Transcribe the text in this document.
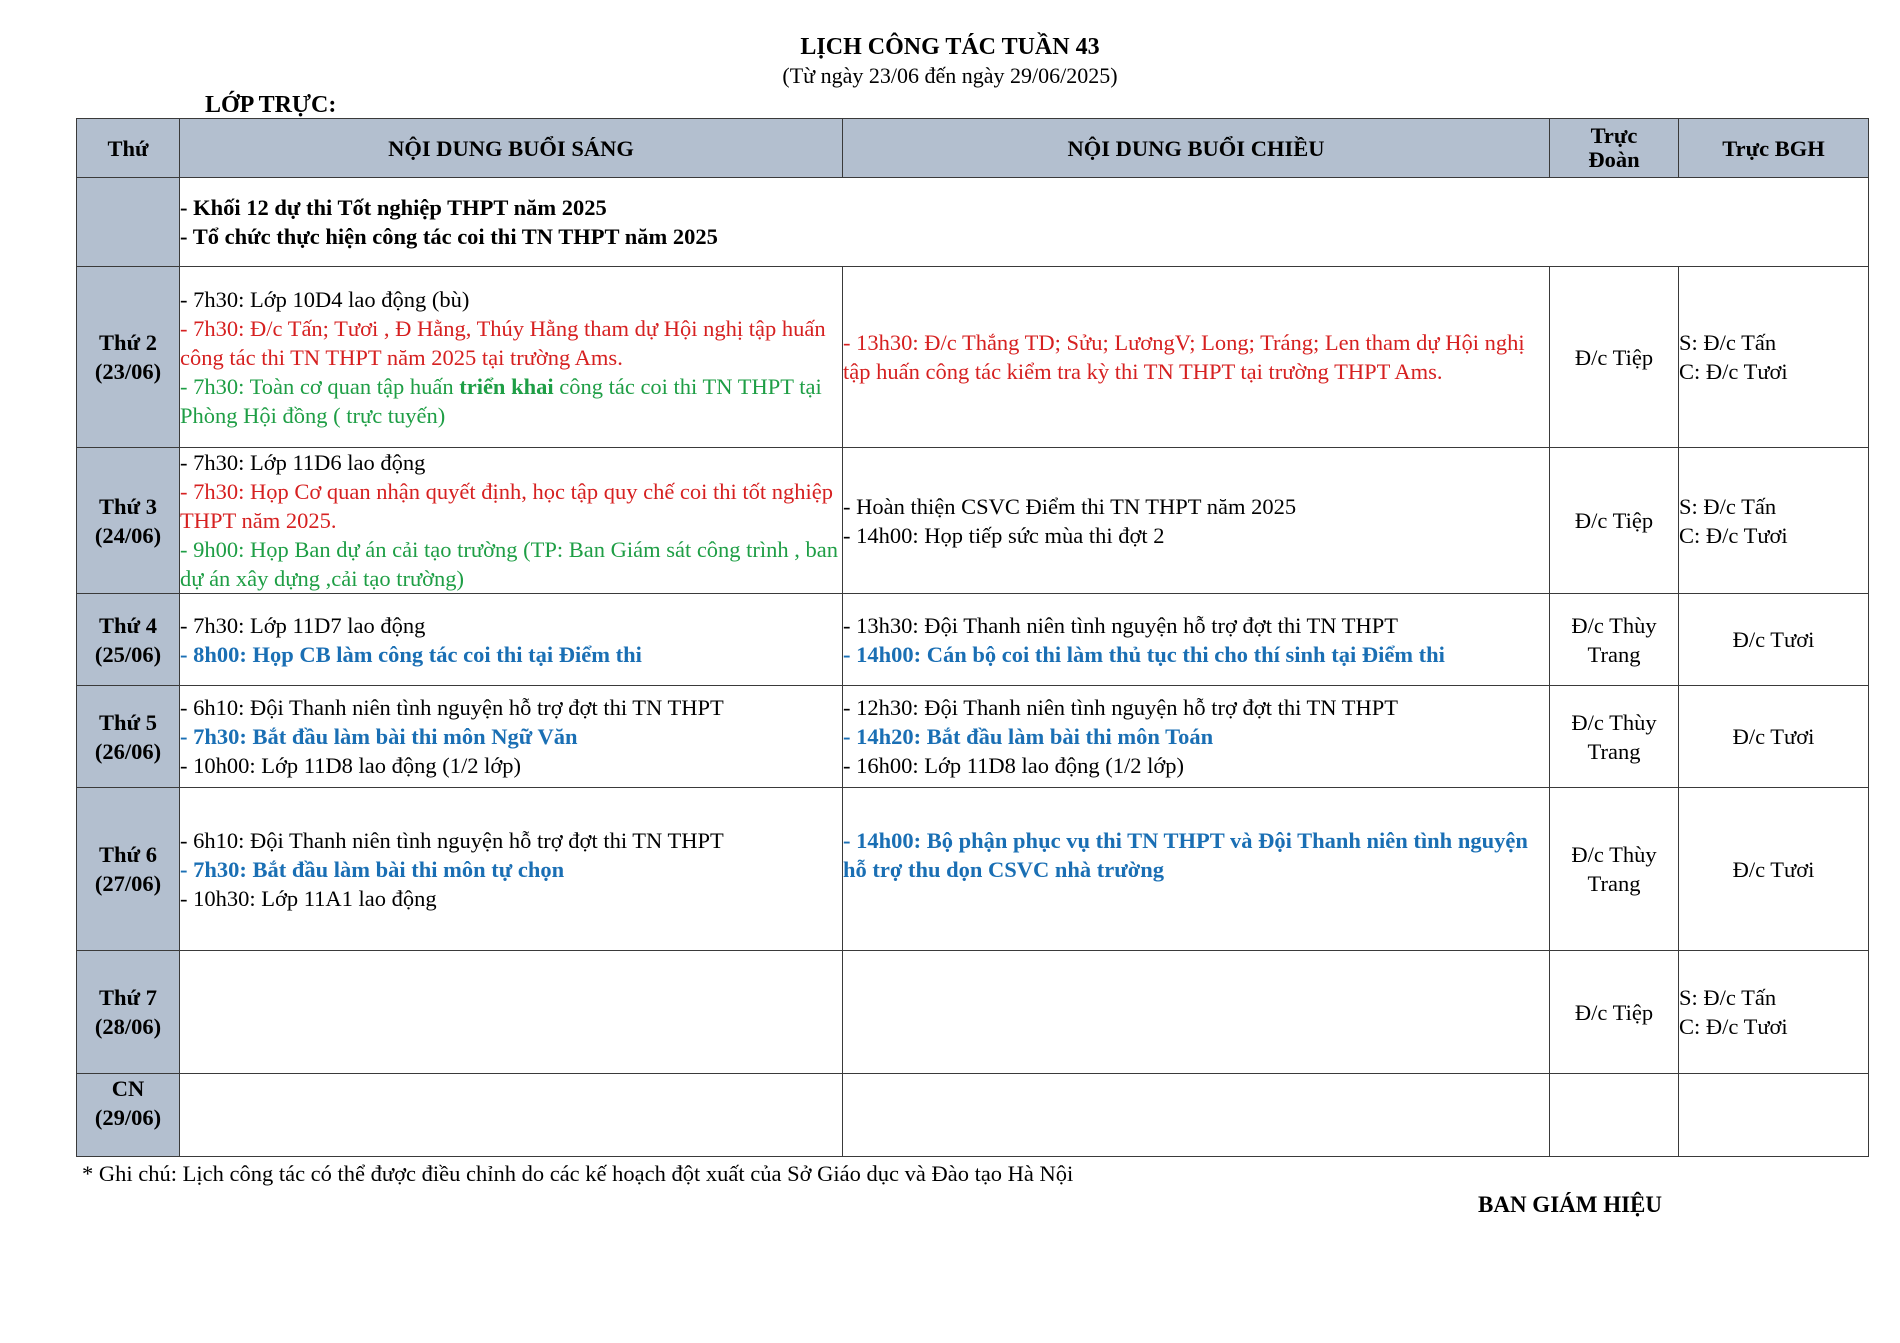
LỊCH CÔNG TÁC TUẦN 43
(Từ ngày 23/06 đến ngày 29/06/2025)
LỚP TRỰC:
Thứ	NỘI DUNG BUỔI SÁNG	NỘI DUNG BUỔI CHIỀU	Trực
Đoàn	Trực BGH

	- Khối 12 dự thi Tốt nghiệp THPT năm 2025
- Tổ chức thực hiện công tác coi thi TN THPT năm 2025			

Thứ 2
(23/06)	- 7h30: Lớp 10D4 lao động (bù)
- 7h30: Đ/c Tấn; Tươi , Đ Hằng, Thúy Hằng tham dự Hội nghị tập huấn công tác thi TN THPT năm 2025 tại trường Ams.
- 7h30: Toàn cơ quan tập huấn triển khai công tác coi thi TN THPT tại Phòng Hội đồng ( trực tuyến)	- 13h30: Đ/c Thắng TD; Sửu; LươngV; Long; Tráng; Len tham dự Hội nghị tập huấn công tác kiểm tra kỳ thi TN THPT tại trường THPT Ams.	Đ/c Tiệp	S: Đ/c Tấn
C: Đ/c Tươi

Thứ 3
(24/06)	- 7h30: Lớp 11D6 lao động
- 7h30: Họp Cơ quan nhận quyết định, học tập quy chế coi thi tốt nghiệp THPT năm 2025.
- 9h00: Họp Ban dự án cải tạo trường (TP: Ban Giám sát công trình , ban dự án xây dựng ,cải tạo trường)	- Hoàn thiện CSVC Điểm thi TN THPT năm 2025
- 14h00: Họp tiếp sức mùa thi đợt 2	Đ/c Tiệp	S: Đ/c Tấn
C: Đ/c Tươi

Thứ 4
(25/06)	- 7h30: Lớp 11D7 lao động
- 8h00: Họp CB làm công tác coi thi tại Điểm thi	- 13h30: Đội Thanh niên tình nguyện hỗ trợ đợt thi TN THPT
- 14h00: Cán bộ coi thi làm thủ tục thi cho thí sinh tại Điểm thi	Đ/c Thùy
Trang	Đ/c Tươi

Thứ 5
(26/06)	- 6h10: Đội Thanh niên tình nguyện hỗ trợ đợt thi TN THPT
- 7h30: Bắt đầu làm bài thi môn Ngữ Văn
- 10h00: Lớp 11D8 lao động (1/2 lớp)	- 12h30: Đội Thanh niên tình nguyện hỗ trợ đợt thi TN THPT
- 14h20: Bắt đầu làm bài thi môn Toán
- 16h00: Lớp 11D8 lao động (1/2 lớp)	Đ/c Thùy
Trang	Đ/c Tươi

Thứ 6
(27/06)	- 6h10: Đội Thanh niên tình nguyện hỗ trợ đợt thi TN THPT
- 7h30: Bắt đầu làm bài thi môn tự chọn
- 10h30: Lớp 11A1 lao động	- 14h00: Bộ phận phục vụ thi TN THPT và Đội Thanh niên tình nguyện hỗ trợ thu dọn CSVC nhà trường	Đ/c Thùy
Trang	Đ/c Tươi

Thứ 7
(28/06)			Đ/c Tiệp	S: Đ/c Tấn
C: Đ/c Tươi

CN
(29/06)				

* Ghi chú: Lịch công tác có thể được điều chỉnh do các kế hoạch đột xuất của Sở Giáo dục và Đào tạo Hà Nội
BAN GIÁM HIỆU
